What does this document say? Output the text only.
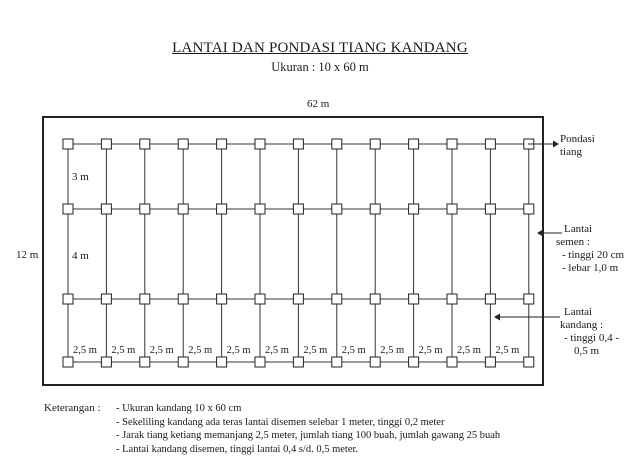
LANTAI DAN PONDASI TIANG KANDANG
Ukuran : 10 x 60 m
62 m
12 m
3 m
4 m
2,5 m 2,5 m 2,5 m 2,5 m 2,5 m 2,5 m 2,5 m 2,5 m 2,5 m 2,5 m 2,5 m 2,5 m
Pondasi
tiang
Lantai
semen :
- tinggi 20 cm
- lebar 1,0 m
Lantai
kandang :
- tinggi 0,4 -
0,5 m
Keterangan : - Ukuran kandang 10 x 60 cm
- Sekeliling kandang ada teras lantai disemen selebar 1 meter, tinggi 0,2 meter
- Jarak tiang ketiang memanjang 2,5 meter, jumlah tiang 100 buah, jumlah gawang 25 buah
- Lantai kandang disemen, tinggi lantai 0,4 s/d. 0,5 meter.
